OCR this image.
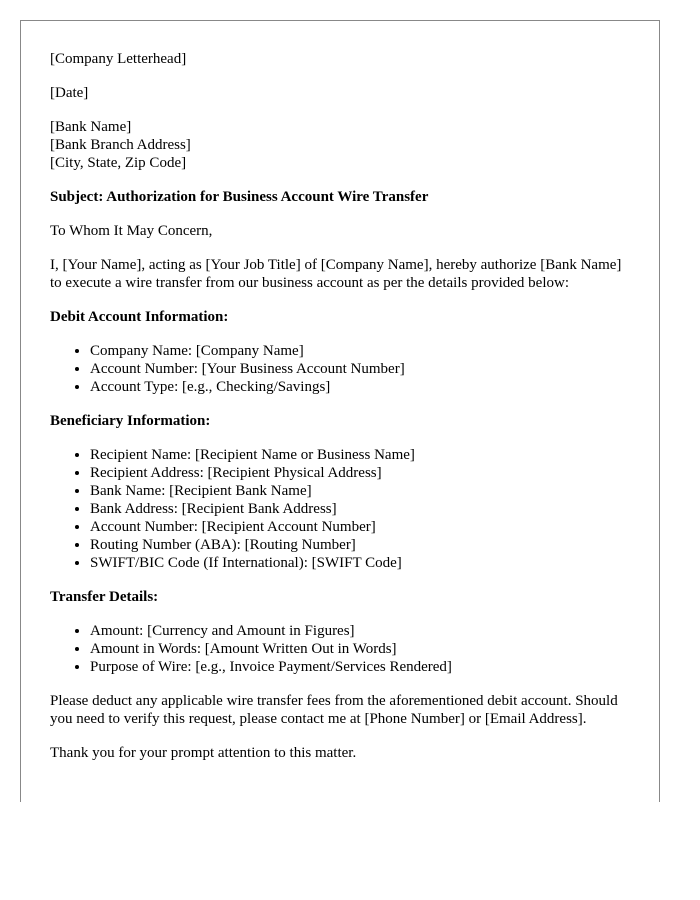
[Company Letterhead]

[Date]

[Bank Name]
[Bank Branch Address]
[City, State, Zip Code]

Subject: Authorization for Business Account Wire Transfer

To Whom It May Concern,

I, [Your Name], acting as [Your Job Title] of [Company Name], hereby authorize [Bank Name] to execute a wire transfer from our business account as per the details provided below:

Debit Account Information:

• Company Name: [Company Name]
• Account Number: [Your Business Account Number]
• Account Type: [e.g., Checking/Savings]

Beneficiary Information:

• Recipient Name: [Recipient Name or Business Name]
• Recipient Address: [Recipient Physical Address]
• Bank Name: [Recipient Bank Name]
• Bank Address: [Recipient Bank Address]
• Account Number: [Recipient Account Number]
• Routing Number (ABA): [Routing Number]
• SWIFT/BIC Code (If International): [SWIFT Code]

Transfer Details:

• Amount: [Currency and Amount in Figures]
• Amount in Words: [Amount Written Out in Words]
• Purpose of Wire: [e.g., Invoice Payment/Services Rendered]

Please deduct any applicable wire transfer fees from the aforementioned debit account. Should you need to verify this request, please contact me at [Phone Number] or [Email Address].

Thank you for your prompt attention to this matter.
